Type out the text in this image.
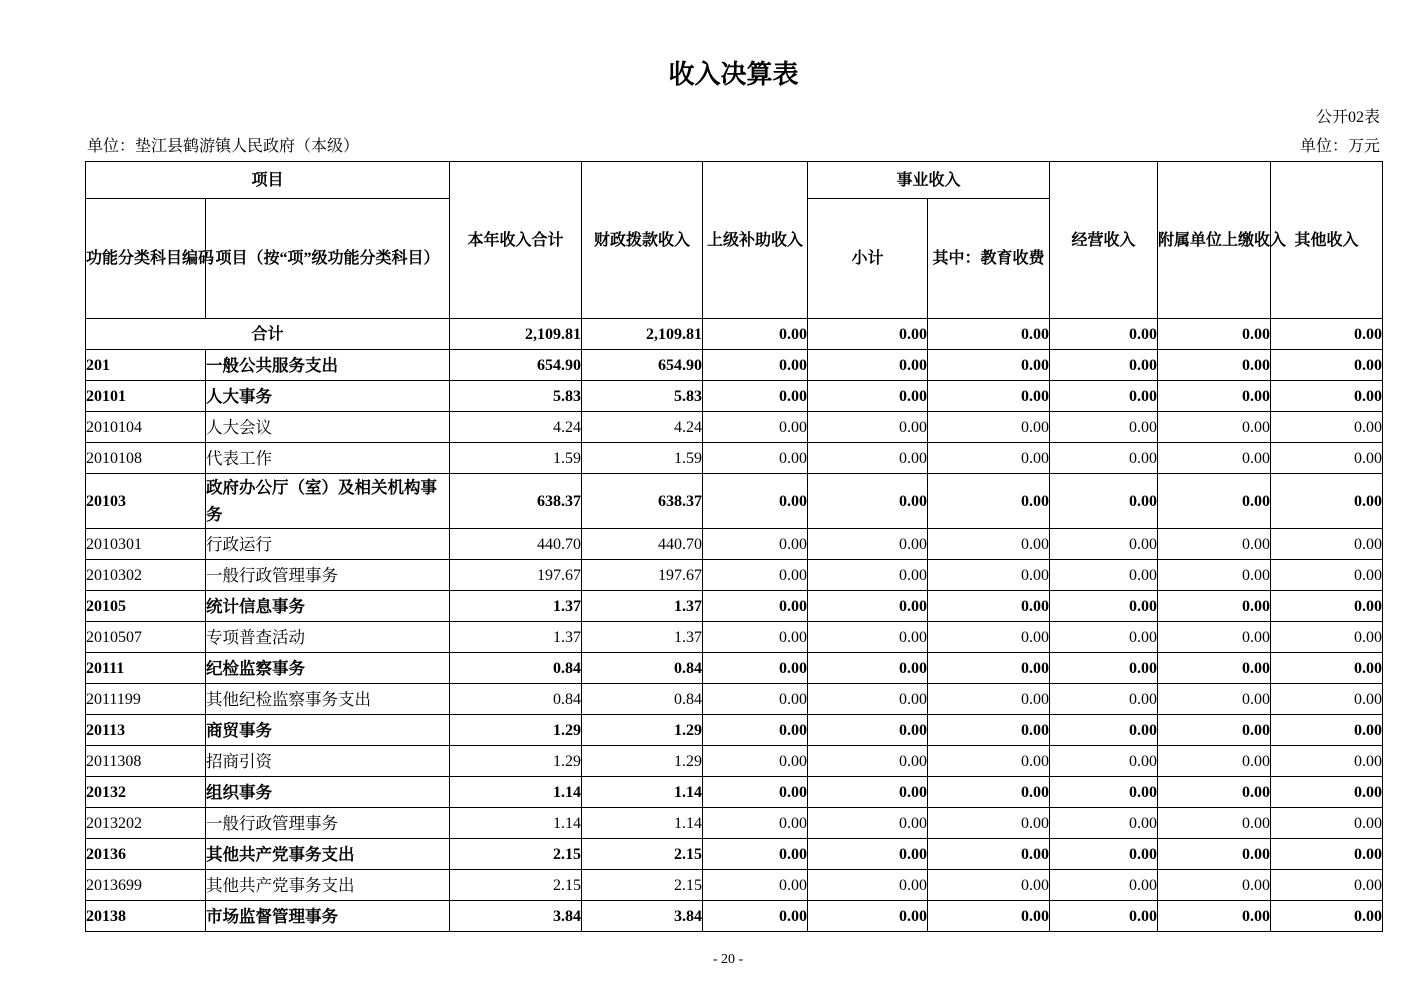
收入决算表
公开02表
单位：垫江县鹤游镇人民政府（本级）	单位：万元
项目		本年收入合计	财政拨款收入	上级补助收入	事业收入		经营收入	附属单位上缴收入	其他收入
功能分类科目编码	项目（按“项”级功能分类科目）				小计	其中：教育收费			
合计		2,109.81	2,109.81	0.00	0.00	0.00	0.00	0.00	0.00
201	一般公共服务支出	654.90	654.90	0.00	0.00	0.00	0.00	0.00	0.00
20101	人大事务	5.83	5.83	0.00	0.00	0.00	0.00	0.00	0.00
2010104	人大会议	4.24	4.24	0.00	0.00	0.00	0.00	0.00	0.00
2010108	代表工作	1.59	1.59	0.00	0.00	0.00	0.00	0.00	0.00
20103	政府办公厅（室）及相关机构事务	638.37	638.37	0.00	0.00	0.00	0.00	0.00	0.00
2010301	行政运行	440.70	440.70	0.00	0.00	0.00	0.00	0.00	0.00
2010302	一般行政管理事务	197.67	197.67	0.00	0.00	0.00	0.00	0.00	0.00
20105	统计信息事务	1.37	1.37	0.00	0.00	0.00	0.00	0.00	0.00
2010507	专项普查活动	1.37	1.37	0.00	0.00	0.00	0.00	0.00	0.00
20111	纪检监察事务	0.84	0.84	0.00	0.00	0.00	0.00	0.00	0.00
2011199	其他纪检监察事务支出	0.84	0.84	0.00	0.00	0.00	0.00	0.00	0.00
20113	商贸事务	1.29	1.29	0.00	0.00	0.00	0.00	0.00	0.00
2011308	招商引资	1.29	1.29	0.00	0.00	0.00	0.00	0.00	0.00
20132	组织事务	1.14	1.14	0.00	0.00	0.00	0.00	0.00	0.00
2013202	一般行政管理事务	1.14	1.14	0.00	0.00	0.00	0.00	0.00	0.00
20136	其他共产党事务支出	2.15	2.15	0.00	0.00	0.00	0.00	0.00	0.00
2013699	其他共产党事务支出	2.15	2.15	0.00	0.00	0.00	0.00	0.00	0.00
20138	市场监督管理事务	3.84	3.84	0.00	0.00	0.00	0.00	0.00	0.00
- 20 -
